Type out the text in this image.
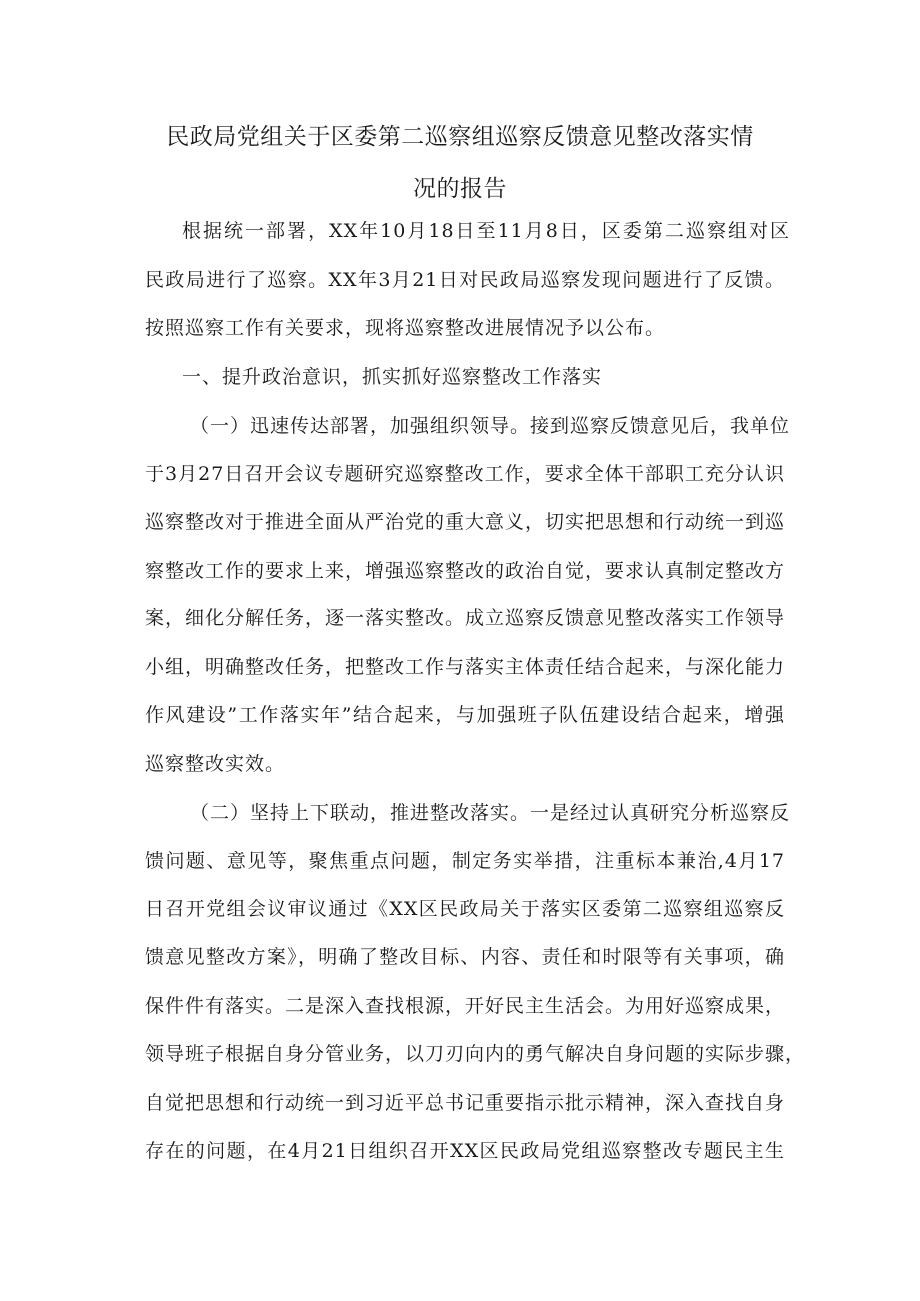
民政局党组关于区委第二巡察组巡察反馈意见整改落实情
况的报告

根据统一部署，XX年10月18日至11月8日，区委第二巡察组对区

民政局进行了巡察。XX年3月21日对民政局巡察发现问题进行了反馈。

按照巡察工作有关要求，现将巡察整改进展情况予以公布。

一、提升政治意识，抓实抓好巡察整改工作落实

（一）迅速传达部署，加强组织领导。接到巡察反馈意见后，我单位

于3月27日召开会议专题研究巡察整改工作，要求全体干部职工充分认识

巡察整改对于推进全面从严治党的重大意义，切实把思想和行动统一到巡

察整改工作的要求上来，增强巡察整改的政治自觉，要求认真制定整改方

案，细化分解任务，逐一落实整改。成立巡察反馈意见整改落实工作领导

小组，明确整改任务，把整改工作与落实主体责任结合起来，与深化能力

作风建设”工作落实年”结合起来，与加强班子队伍建设结合起来，增强

巡察整改实效。

（二）坚持上下联动，推进整改落实。一是经过认真研究分析巡察反

馈问题、意见等，聚焦重点问题，制定务实举措，注重标本兼治,4月17

日召开党组会议审议通过《XX区民政局关于落实区委第二巡察组巡察反

馈意见整改方案》，明确了整改目标、内容、责任和时限等有关事项，确

保件件有落实。二是深入查找根源，开好民主生活会。为用好巡察成果，

领导班子根据自身分管业务，以刀刃向内的勇气解决自身问题的实际步骤，

自觉把思想和行动统一到习近平总书记重要指示批示精神，深入查找自身

存在的问题，在4月21日组织召开XX区民政局党组巡察整改专题民主生
